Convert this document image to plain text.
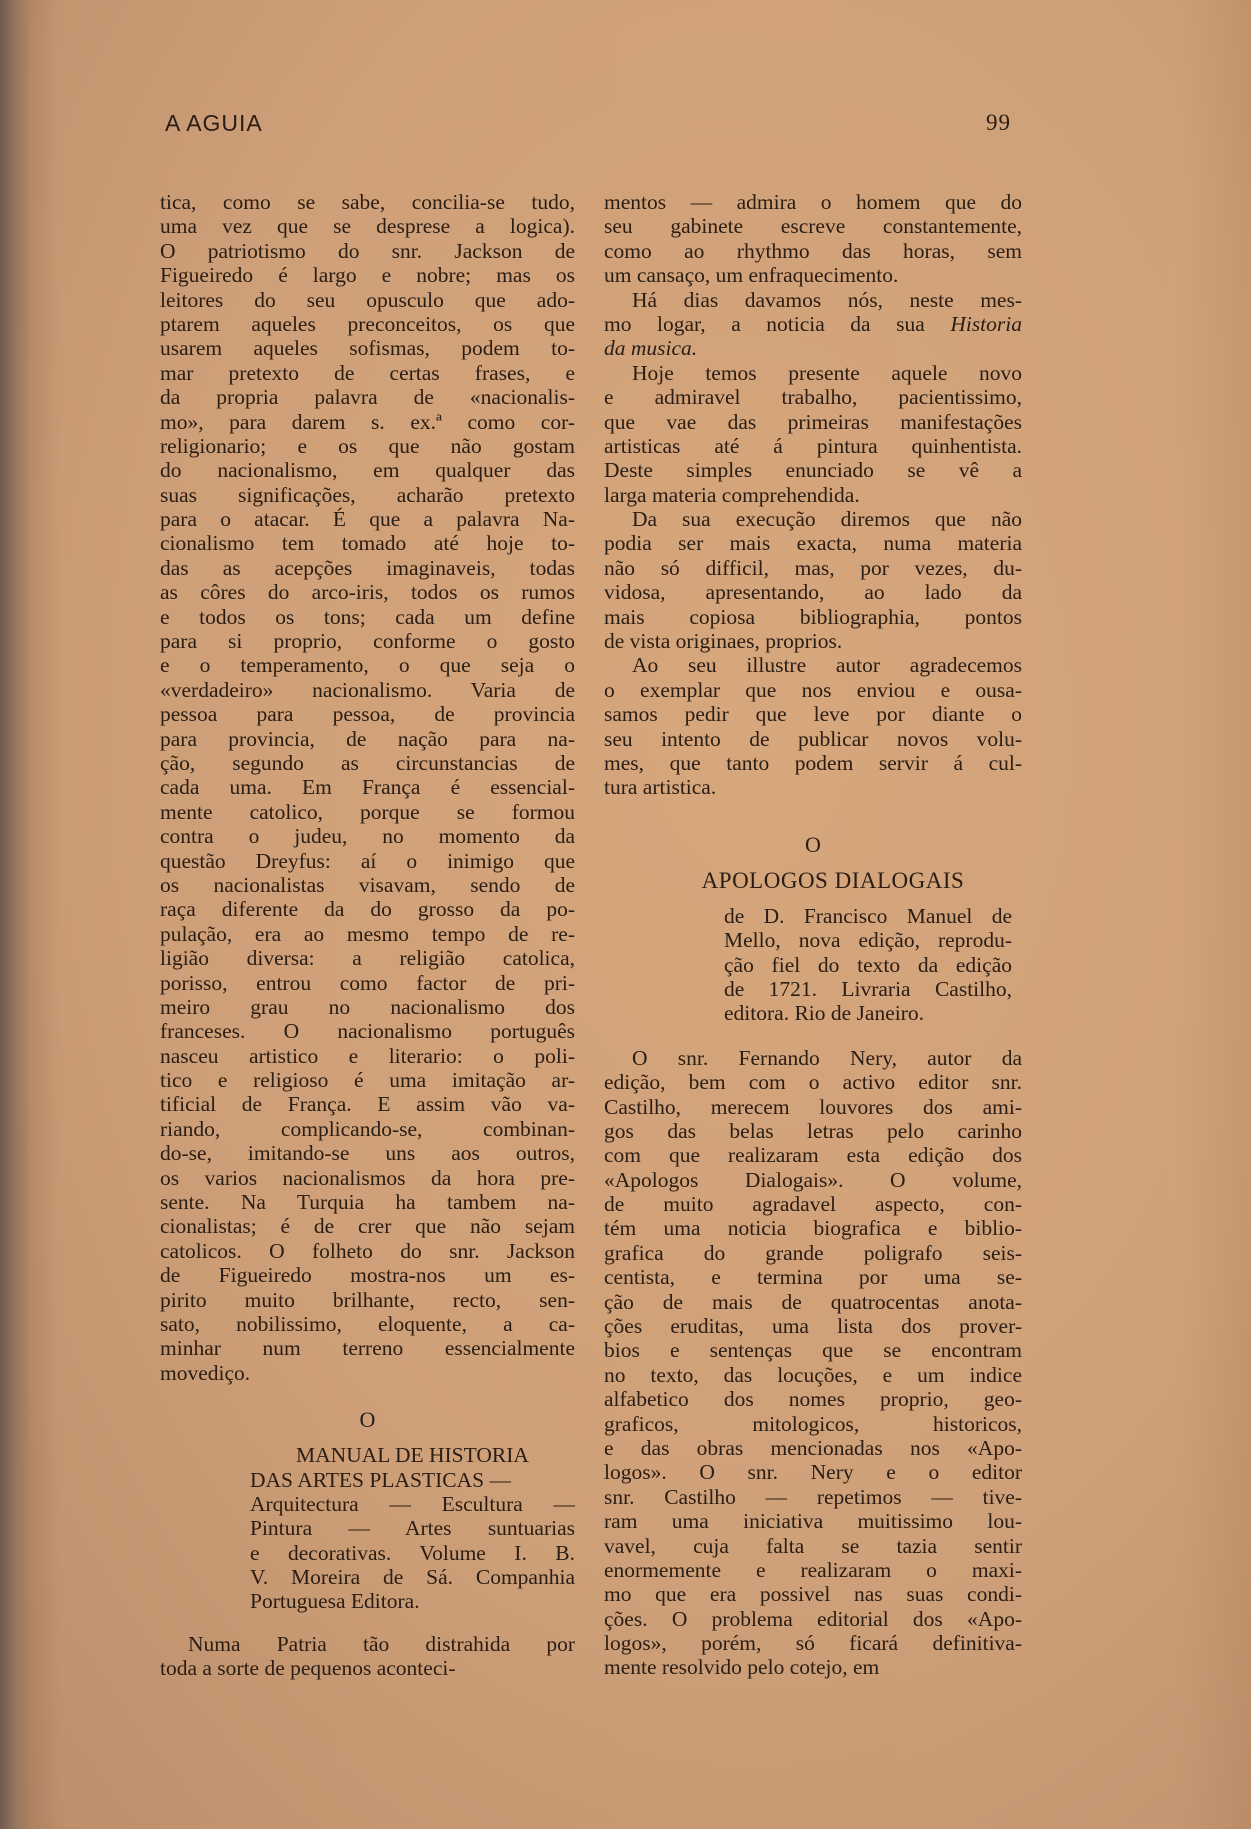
A AGUIA	99
tica, como se sabe, concilia-se tudo,
uma vez que se desprese a logica).
O patriotismo do snr. Jackson de
Figueiredo é largo e nobre; mas os
leitores do seu opusculo que ado-
ptarem aqueles preconceitos, os que
usarem aqueles sofismas, podem to-
mar pretexto de certas frases, e
da propria palavra de «nacionalis-
mo», para darem s. ex.ª como cor-
religionario; e os que não gostam
do nacionalismo, em qualquer das
suas significações, acharão pretexto
para o atacar. É que a palavra Na-
cionalismo tem tomado até hoje to-
das as acepções imaginaveis, todas
as côres do arco-iris, todos os rumos
e todos os tons; cada um define
para si proprio, conforme o gosto
e o temperamento, o que seja o
«verdadeiro» nacionalismo. Varia de
pessoa para pessoa, de provincia
para provincia, de nação para na-
ção, segundo as circunstancias de
cada uma. Em França é essencial-
mente catolico, porque se formou
contra o judeu, no momento da
questão Dreyfus: aí o inimigo que
os nacionalistas visavam, sendo de
raça diferente da do grosso da po-
pulação, era ao mesmo tempo de re-
ligião diversa: a religião catolica,
porisso, entrou como factor de pri-
meiro grau no nacionalismo dos
franceses. O nacionalismo português
nasceu artistico e literario: o poli-
tico e religioso é uma imitação ar-
tificial de França. E assim vão va-
riando, complicando-se, combinan-
do-se, imitando-se uns aos outros,
os varios nacionalismos da hora pre-
sente. Na Turquia ha tambem na-
cionalistas; é de crer que não sejam
catolicos. O folheto do snr. Jackson
de Figueiredo mostra-nos um es-
pirito muito brilhante, recto, sen-
sato, nobilissimo, eloquente, a ca-
minhar num terreno essencialmente
movediço.
O
MANUAL DE HISTORIA
DAS ARTES PLASTICAS —
Arquitectura — Escultura —
Pintura — Artes suntuarias
e decorativas. Volume I. B.
V. Moreira de Sá. Companhia
Portuguesa Editora.
Numa Patria tão distrahida por
toda a sorte de pequenos aconteci-
mentos — admira o homem que do
seu gabinete escreve constantemente,
como ao rhythmo das horas, sem
um cansaço, um enfraquecimento.
Há dias davamos nós, neste mes-
mo logar, a noticia da sua Historia
da musica.
Hoje temos presente aquele novo
e admiravel trabalho, pacientissimo,
que vae das primeiras manifestações
artisticas até á pintura quinhentista.
Deste simples enunciado se vê a
larga materia comprehendida.
Da sua execução diremos que não
podia ser mais exacta, numa materia
não só difficil, mas, por vezes, du-
vidosa, apresentando, ao lado da
mais copiosa bibliographia, pontos
de vista originaes, proprios.
Ao seu illustre autor agradecemos
o exemplar que nos enviou e ousa-
samos pedir que leve por diante o
seu intento de publicar novos volu-
mes, que tanto podem servir á cul-
tura artistica.
O
APOLOGOS DIALOGAIS
de D. Francisco Manuel de
Mello, nova edição, reprodu-
ção fiel do texto da edição
de 1721. Livraria Castilho,
editora. Rio de Janeiro.
O snr. Fernando Nery, autor da
edição, bem com o activo editor snr.
Castilho, merecem louvores dos ami-
gos das belas letras pelo carinho
com que realizaram esta edição dos
«Apologos Dialogais». O volume,
de muito agradavel aspecto, con-
tém uma noticia biografica e biblio-
grafica do grande poligrafo seis-
centista, e termina por uma se-
ção de mais de quatrocentas anota-
ções eruditas, uma lista dos prover-
bios e sentenças que se encontram
no texto, das locuções, e um indice
alfabetico dos nomes proprio, geo-
graficos, mitologicos, historicos,
e das obras mencionadas nos «Apo-
logos». O snr. Nery e o editor
snr. Castilho — repetimos — tive-
ram uma iniciativa muitissimo lou-
vavel, cuja falta se tazia sentir
enormemente e realizaram o maxi-
mo que era possivel nas suas condi-
ções. O problema editorial dos «Apo-
logos», porém, só ficará definitiva-
mente resolvido pelo cotejo, em
